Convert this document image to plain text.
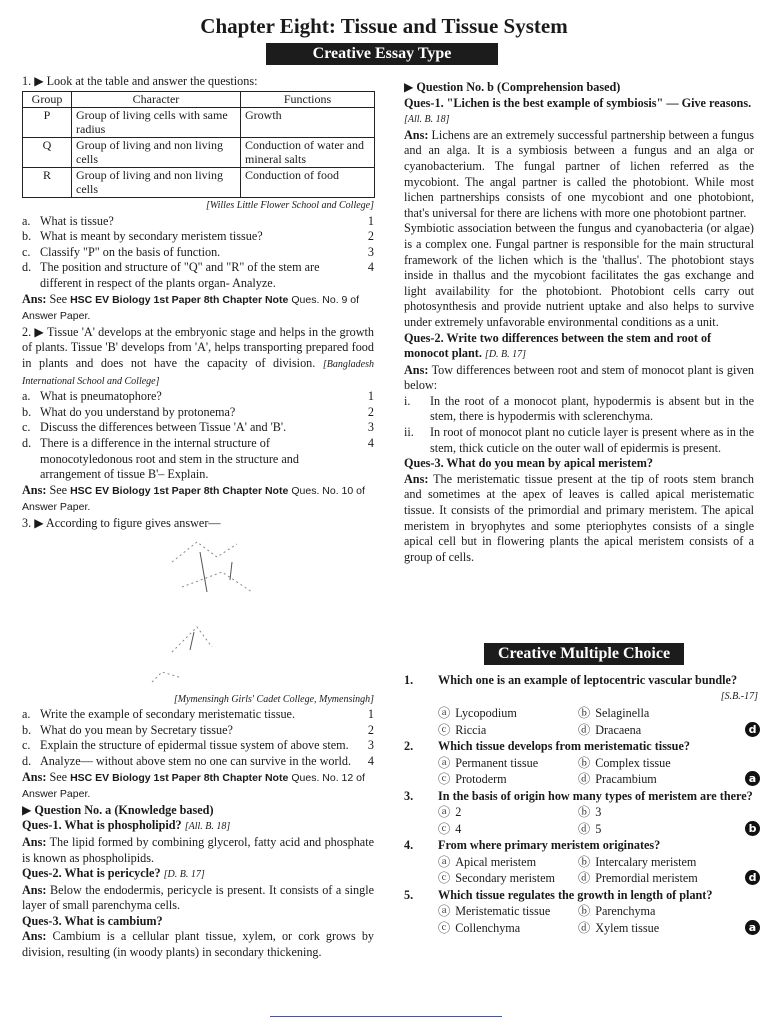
Chapter Eight: Tissue and Tissue System
Creative Essay Type

1. ▶ Look at the table and answer the questions:

Group	Character	Functions
P	Group of living cells with same radius	Growth
Q	Group of living and non living cells	Conduction of water and mineral salts
R	Group of living and non living cells	Conduction of food
[Willes Little Flower School and College]
a. What is tissue?	1
b. What is meant by secondary meristem tissue?	2
c. Classify "P" on the basis of function.	3
d. The position and structure of "Q" and "R" of the stem are different in respect of the plants organ- Analyze.
4

Ans: See HSC EV Biology 1st Paper 8th Chapter Note Ques. No. 9 of Answer Paper.

2. ▶ Tissue 'A' develops at the embryonic stage and helps in the growth of plants. Tissue 'B' develops from 'A', helps transporting prepared food in plants and does not have the capacity of division. [Bangladesh International School and College]

a. What is pneumatophore?	1
b. What do you understand by protonema?	2
c. Discuss the differences between Tissue 'A' and 'B'.	3
d. There is a difference in the internal structure of monocotyledonous root and stem in the structure and arrangement of tissue B'– Explain.
4

Ans: See HSC EV Biology 1st Paper 8th Chapter Note Ques. No. 10 of Answer Paper.

3. ▶ According to figure gives answer—

[Mymensingh Girls' Cadet College, Mymensingh]
a. Write the example of secondary meristematic tissue.	1
b. What do you mean by Secretary tissue?	2
c. Explain the structure of epidermal tissue system of above stem.	3
d. Analyze— without above stem no one can survive in the world.	4

Ans: See HSC EV Biology 1st Paper 8th Chapter Note Ques. No. 12 of Answer Paper.

▶ Question No. a (Knowledge based)

Ques-1. What is phospholipid? [All. B. 18]

Ans: The lipid formed by combining glycerol, fatty acid and phosphate is known as phospholipids.

Ques-2. What is pericycle? [D. B. 17]

Ans: Below the endodermis, pericycle is present. It consists of a single layer of small parenchyma cells.

Ques-3. What is cambium?

Ans: Cambium is a cellular plant tissue, xylem, or cork grows by division, resulting (in woody plants) in secondary thickening.

▶ Question No. b (Comprehension based)

Ques-1. "Lichen is the best example of symbiosis" — Give reasons. [All. B. 18]

Ans: Lichens are an extremely successful partnership between a fungus and an alga. It is a symbiosis between a fungus and an alga or cyanobacterium. The fungal partner of lichen referred as the mycobiont. The angal partner is called the photobiont. While most lichen partnerships consists of one mycobiont and one photobiont, that's universal for there are lichens with more one photobiont partner.

Symbiotic association between the fungus and cyanobacteria (or algae) is a complex one. Fungal partner is responsible for the main structural framework of the lichen which is the 'thallus'. The photobiont stays inside in thallus and the mycobiont facilitates the gas exchange and light availability for the photobiont. Photobiont cells carry out photosynthesis and provide nutrient uptake and also helps to survive under extremely unfavorable environmental conditions as a unit.

Ques-2. Write two differences between the stem and root of monocot plant. [D. B. 17]

Ans: Tow differences between root and stem of monocot plant is given below:

i.	In the root of a monocot plant, hypodermis is absent but in the stem, there is hypodermis with sclerenchyma.
ii.	In root of monocot plant no cuticle layer is present where as in the stem, thick cuticle on the outer wall of epidermis is present.

Ques-3. What do you mean by apical meristem?

Ans: The meristematic tissue present at the tip of roots stem branch and sometimes at the apex of leaves is called apical meristematic tissue. It consists of the primordial and primary meristem. The apical meristem in bryophytes and some pteriophytes consists of a single apical cell but in flowering plants the apical meristem consists of a group of cells.

Creative Multiple Choice
1.	Which one is an example of leptocentric vascular bundle?
[S.B.-17]
ⓐ Lycopodium	ⓑ Selaginella
ⓒ Riccia	ⓓ Dracaena	d
2.	Which tissue develops from meristematic tissue?
ⓐ Permanent tissue	ⓑ Complex tissue
ⓒ Protoderm	ⓓ Pracambium	a
3.	In the basis of origin how many types of meristem are there?
ⓐ 2	ⓑ 3
ⓒ 4	ⓓ 5	b
4.	From where primary meristem originates?
ⓐ Apical meristem	ⓑ Intercalary meristem
ⓒ Secondary meristem ⓓ Premordial meristem	d
5.	Which tissue regulates the growth in length of plant?
ⓐ Meristematic tissue ⓑ Parenchyma
ⓒ Collenchyma	ⓓ Xylem tissue	a
